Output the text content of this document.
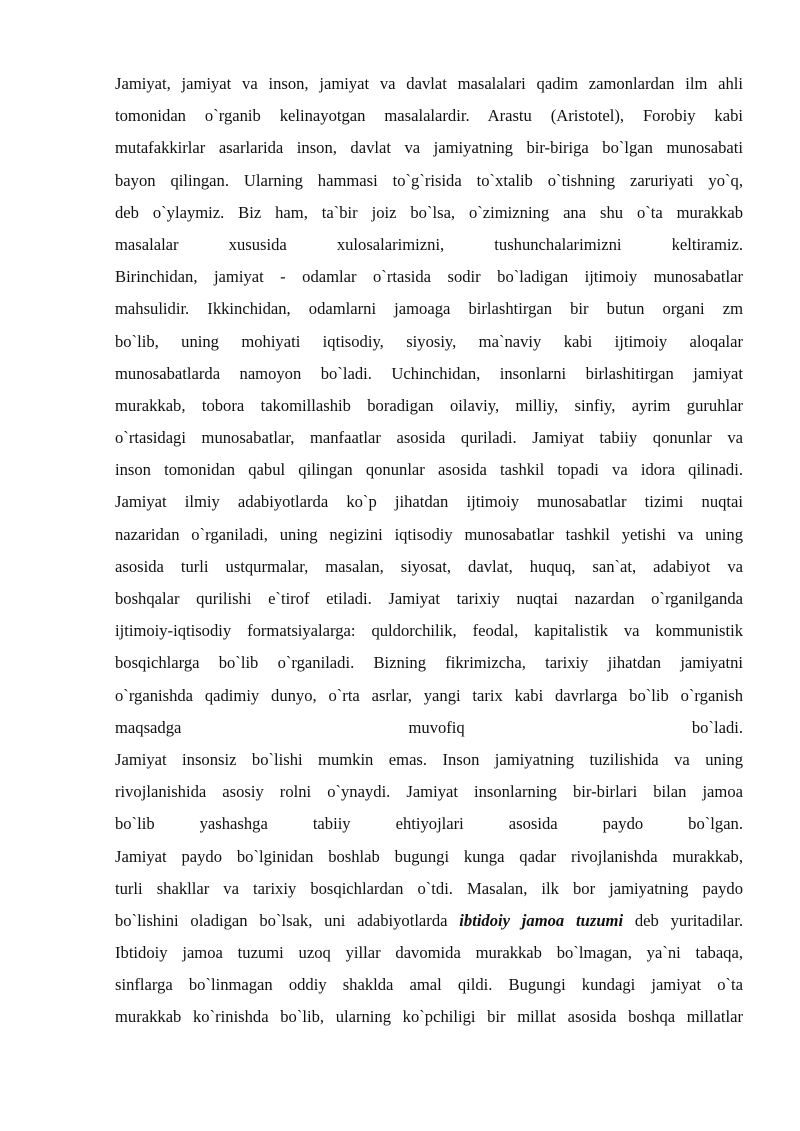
Jamiyat, jamiyat va inson, jamiyat va davlat masalalari qadim zamonlardan ilm ahli
tomonidan o`rganib kelinayotgan masalalardir. Arastu (Aristotel), Forobiy kabi
mutafakkirlar asarlarida inson, davlat va jamiyatning bir-biriga bo`lgan munosabati
bayon qilingan. Ularning hammasi to`g`risida to`xtalib o`tishning zaruriyati yo`q,
deb o`ylaymiz. Biz ham, ta`bir joiz bo`lsa, o`zimizning ana shu o`ta murakkab
masalalar xususida xulosalarimizni, tushunchalarimizni keltiramiz.
Birinchidan, jamiyat - odamlar o`rtasida sodir bo`ladigan ijtimoiy munosabatlar
mahsulidir. Ikkinchidan, odamlarni jamoaga birlashtirgan bir butun organi zm
bo`lib, uning mohiyati iqtisodiy, siyosiy, ma`naviy kabi ijtimoiy aloqalar
munosabatlarda namoyon bo`ladi. Uchinchidan, insonlarni birlashitirgan jamiyat
murakkab, tobora takomillashib boradigan oilaviy, milliy, sinfiy, ayrim guruhlar
o`rtasidagi munosabatlar, manfaatlar asosida quriladi. Jamiyat tabiiy qonunlar va
inson tomonidan qabul qilingan qonunlar asosida tashkil topadi va idora qilinadi.
Jamiyat ilmiy adabiyotlarda ko`p jihatdan ijtimoiy munosabatlar tizimi nuqtai
nazaridan o`rganiladi, uning negizini iqtisodiy munosabatlar tashkil yetishi va uning
asosida turli ustqurmalar, masalan, siyosat, davlat, huquq, san`at, adabiyot va
boshqalar qurilishi e`tirof etiladi. Jamiyat tarixiy nuqtai nazardan o`rganilganda
ijtimoiy-iqtisodiy formatsiyalarga: quldorchilik, feodal, kapitalistik va kommunistik
bosqichlarga bo`lib o`rganiladi. Bizning fikrimizcha, tarixiy jihatdan jamiyatni
o`rganishda qadimiy dunyo, o`rta asrlar, yangi tarix kabi davrlarga bo`lib o`rganish
maqsadga muvofiq bo`ladi.
Jamiyat insonsiz bo`lishi mumkin emas. Inson jamiyatning tuzilishida va uning
rivojlanishida asosiy rolni o`ynaydi. Jamiyat insonlarning bir-birlari bilan jamoa
bo`lib yashashga tabiiy ehtiyojlari asosida paydo bo`lgan.
Jamiyat paydo bo`lginidan boshlab bugungi kunga qadar rivojlanishda murakkab,
turli shakllar va tarixiy bosqichlardan o`tdi. Masalan, ilk bor jamiyatning paydo
bo`lishini oladigan bo`lsak, uni adabiyotlarda ibtidoiy jamoa tuzumi deb yuritadilar.
Ibtidoiy jamoa tuzumi uzoq yillar davomida murakkab bo`lmagan, ya`ni tabaqa,
sinflarga bo`linmagan oddiy shaklda amal qildi. Bugungi kundagi jamiyat o`ta
murakkab ko`rinishda bo`lib, ularning ko`pchiligi bir millat asosida boshqa millatlar
